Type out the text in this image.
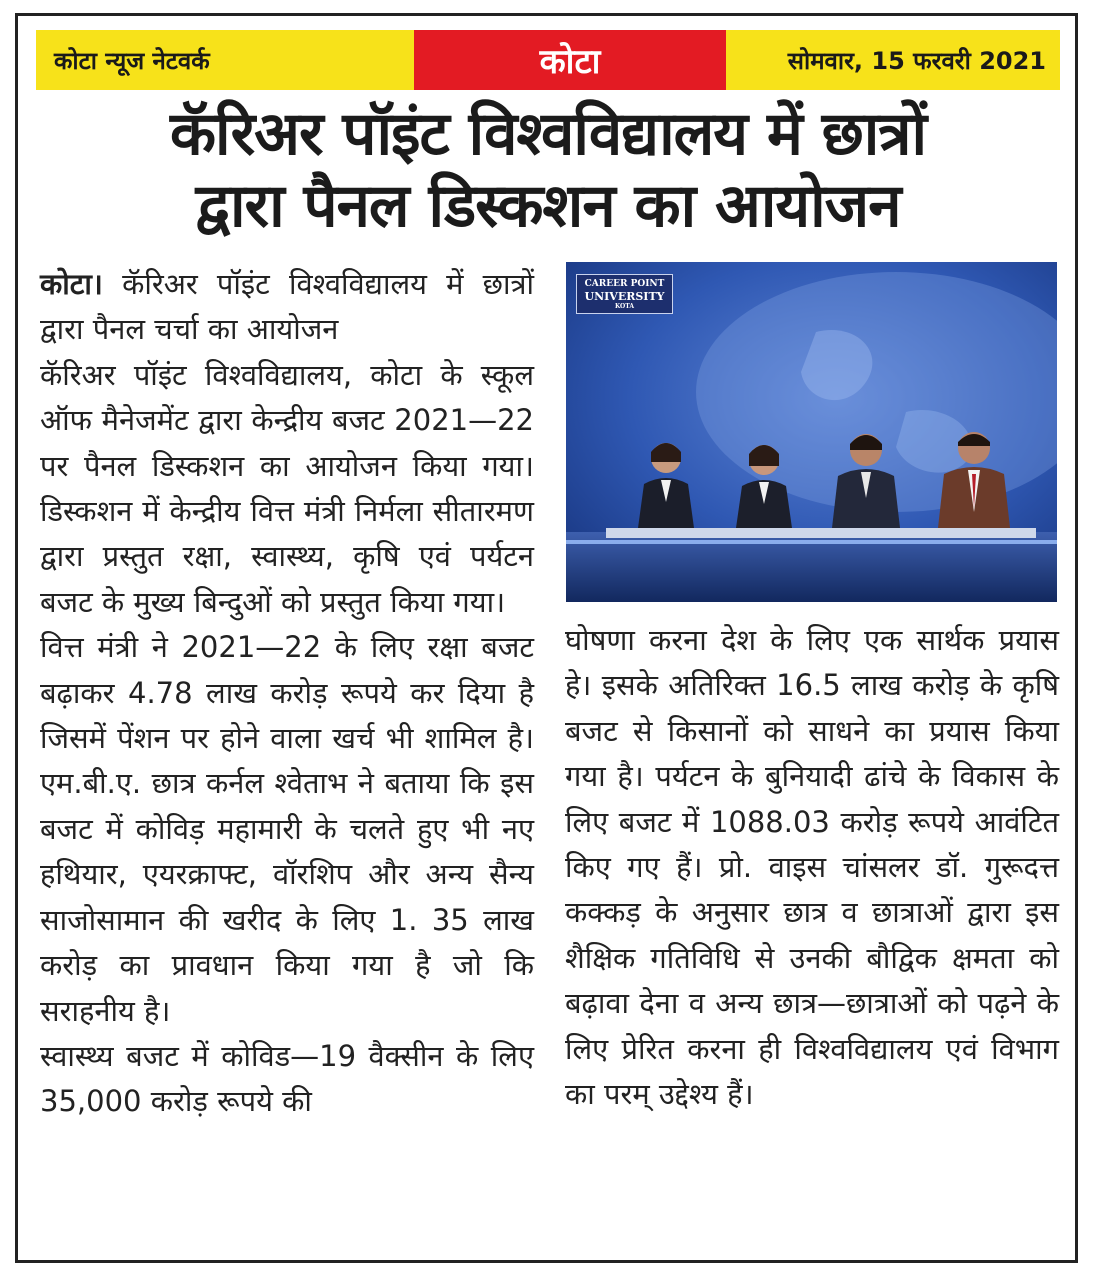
कोटा न्यूज नेटवर्क	कोटा	सोमवार, 15 फरवरी 2021
कॅरिअर पॉइंट विश्वविद्यालय में छात्रों
द्वारा पैनल डिस्कशन का आयोजन

कोटा। कॅरिअर पॉइंट विश्वविद्यालय में छात्रों द्वारा पैनल चर्चा का आयोजन

कॅरिअर पॉइंट विश्वविद्यालय, कोटा के स्कूल ऑफ मैनेजमेंट द्वारा केन्द्रीय बजट 2021—22 पर पैनल डिस्कशन का आयोजन किया गया। डिस्कशन में केन्द्रीय वित्त मंत्री निर्मला सीतारमण द्वारा प्रस्तुत रक्षा, स्वास्थ्य, कृषि एवं पर्यटन बजट के मुख्य बिन्दुओं को प्रस्तुत किया गया।

वित्त मंत्री ने 2021—22 के लिए रक्षा बजट बढ़ाकर 4.78 लाख करोड़ रूपये कर दिया है जिसमें पेंशन पर होने वाला खर्च भी शामिल है। एम.बी.ए. छात्र कर्नल श्वेताभ ने बताया कि इस बजट में कोविड़ महामारी के चलते हुए भी नए हथियार, एयरक्राफ्ट, वॉरशिप और अन्य सैन्य साजोसामान की खरीद के लिए 1. 35 लाख करोड़ का प्रावधान किया गया है जो कि सराहनीय है।

स्वास्थ्य बजट में कोविड—19 वैक्सीन के लिए 35,000 करोड़ रूपये की

CAREER POINT
UNIVERSITY
KOTA

घोषणा करना देश के लिए एक सार्थक प्रयास हे। इसके अतिरिक्त 16.5 लाख करोड़ के कृषि बजट से किसानों को साधने का प्रयास किया गया है। पर्यटन के बुनियादी ढांचे के विकास के लिए बजट में 1088.03 करोड़ रूपये आवंटित किए गए हैं। प्रो. वाइस चांसलर डॉ. गुरूदत्त कक्कड़ के अनुसार छात्र व छात्राओं द्वारा इस शैक्षिक गतिविधि से उनकी बौद्विक क्षमता को बढ़ावा देना व अन्य छात्र—छात्राओं को पढ़ने के लिए प्रेरित करना ही विश्वविद्यालय एवं विभाग का परम् उद्देश्य हैं।
